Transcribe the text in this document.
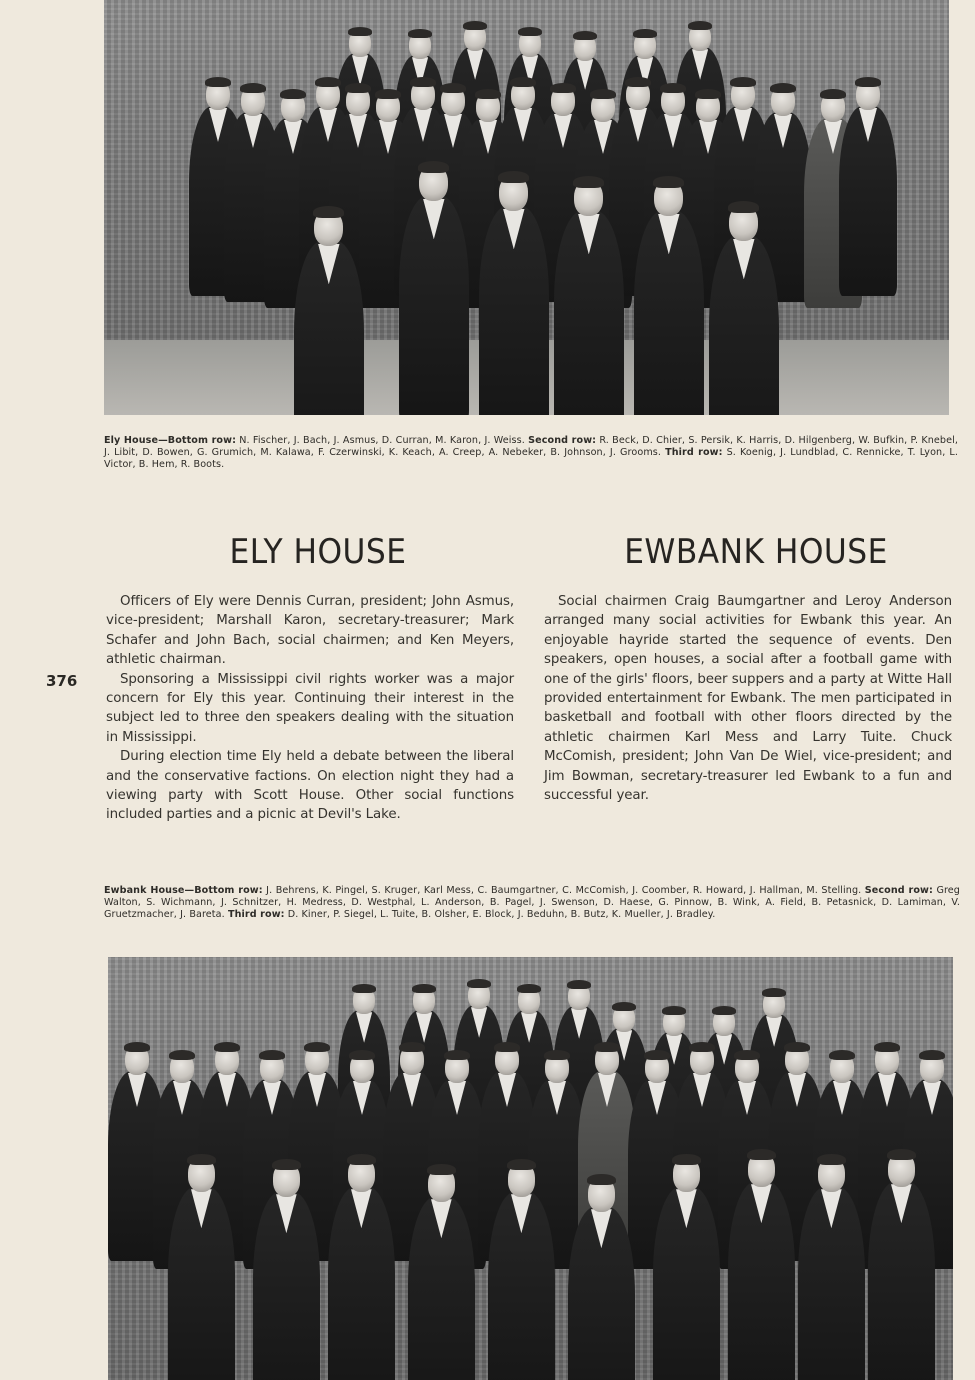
Ely House—Bottom row: N. Fischer, J. Bach, J. Asmus, D. Curran, M. Karon, J. Weiss. Second row: R. Beck, D. Chier, S. Persik, K. Harris, D. Hilgenberg, W. Bufkin, P. Knebel, J. Libit, D. Bowen, G. Grumich, M. Kalawa, F. Czerwinski, K. Keach, A. Creep, A. Nebeker, B. Johnson, J. Grooms. Third row: S. Koenig, J. Lundblad, C. Rennicke, T. Lyon, L. Victor, B. Hem, R. Boots.

ELY HOUSE	EWBANK HOUSE
376

Officers of Ely were Dennis Curran, president; John Asmus, vice-president; Marshall Karon, secretary-treasurer; Mark Schafer and John Bach, social chairmen; and Ken Meyers, athletic chairman.

Sponsoring a Mississippi civil rights worker was a major concern for Ely this year. Continuing their interest in the subject led to three den speakers dealing with the situation in Mississippi.

During election time Ely held a debate between the liberal and the conservative factions. On election night they had a viewing party with Scott House. Other social functions included parties and a picnic at Devil's Lake.

Social chairmen Craig Baumgartner and Leroy Anderson arranged many social activities for Ewbank this year. An enjoyable hayride started the sequence of events. Den speakers, open houses, a social after a football game with one of the girls' floors, beer suppers and a party at Witte Hall provided entertainment for Ewbank. The men participated in basketball and football with other floors directed by the athletic chairmen Karl Mess and Larry Tuite. Chuck McComish, president; John Van De Wiel, vice-president; and Jim Bowman, secretary-treasurer led Ewbank to a fun and successful year.

Ewbank House—Bottom row: J. Behrens, K. Pingel, S. Kruger, Karl Mess, C. Baumgartner, C. McComish, J. Coomber, R. Howard, J. Hallman, M. Stelling. Second row: Greg Walton, S. Wichmann, J. Schnitzer, H. Medress, D. Westphal, L. Anderson, B. Pagel, J. Swenson, D. Haese, G. Pinnow, B. Wink, A. Field, B. Petasnick, D. Lamiman, V. Gruetzmacher, J. Bareta. Third row: D. Kiner, P. Siegel, L. Tuite, B. Olsher, E. Block, J. Beduhn, B. Butz, K. Mueller, J. Bradley.
